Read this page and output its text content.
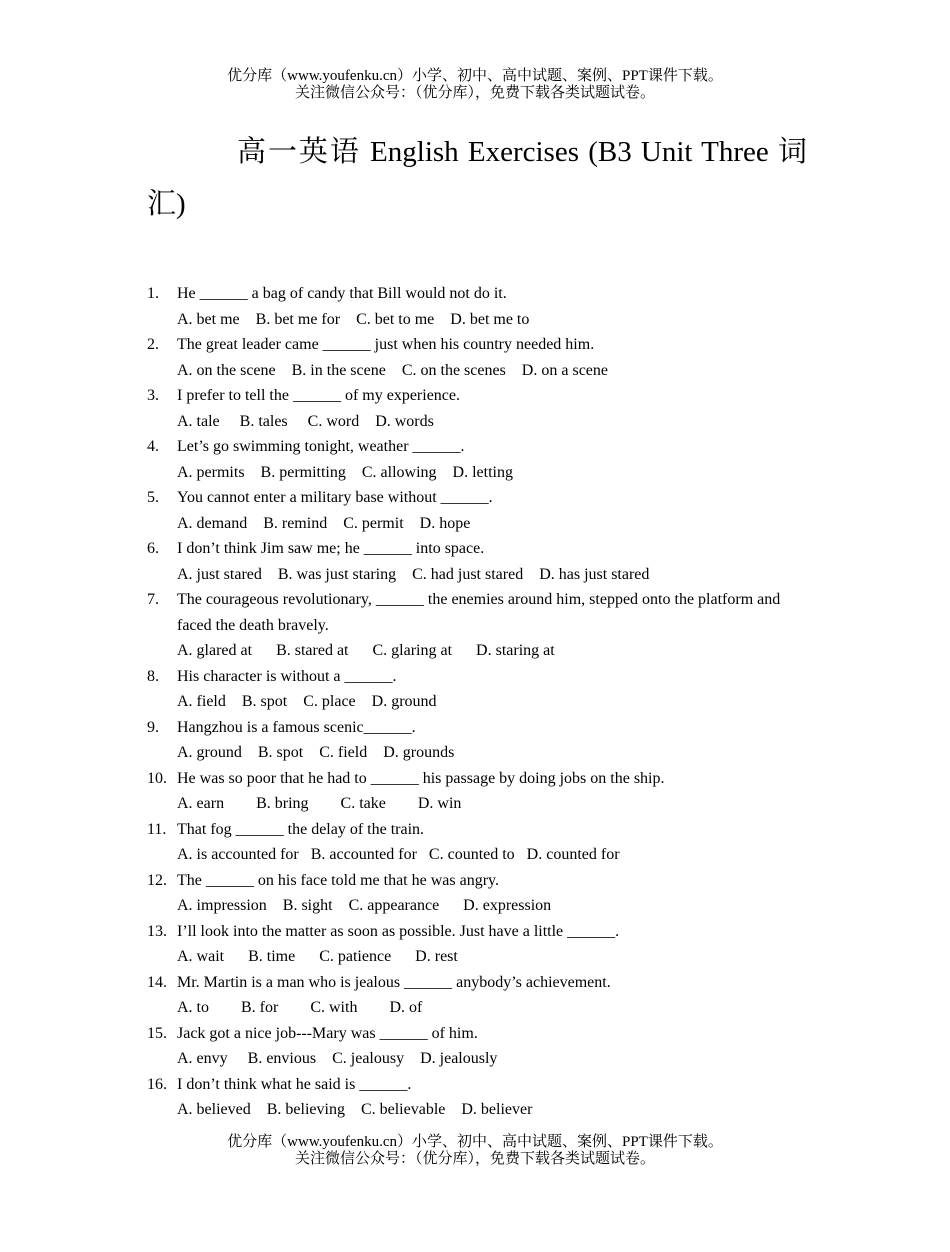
优分库（www.youfenku.cn）小学、初中、高中试题、案例、PPT课件下载。
关注微信公众号：（优分库），免费下载各类试题试卷。
高一英语 English Exercises (B3 Unit Three 词
汇)
1. He ______ a bag of candy that Bill would not do it.
A. bet me    B. bet me for    C. bet to me    D. bet me to
2. The great leader came ______ just when his country needed him.
A. on the scene    B. in the scene    C. on the scenes    D. on a scene
3. I prefer to tell the ______ of my experience.
A. tale     B. tales     C. word    D. words
4. Let’s go swimming tonight, weather ______.
A. permits    B. permitting    C. allowing    D. letting
5. You cannot enter a military base without ______.
A. demand    B. remind    C. permit    D. hope
6. I don’t think Jim saw me; he ______ into space.
A. just stared    B. was just staring    C. had just stared    D. has just stared
7. The courageous revolutionary, ______ the enemies around him, stepped onto the platform and faced the death bravely.
A. glared at      B. stared at      C. glaring at      D. staring at
8. His character is without a ______.
A. field    B. spot    C. place    D. ground
9. Hangzhou is a famous scenic______.
A. ground    B. spot    C. field    D. grounds
10. He was so poor that he had to ______ his passage by doing jobs on the ship.
A. earn        B. bring        C. take        D. win
11. That fog ______ the delay of the train.
A. is accounted for   B. accounted for   C. counted to   D. counted for
12. The ______ on his face told me that he was angry.
A. impression    B. sight    C. appearance      D. expression
13. I’ll look into the matter as soon as possible. Just have a little ______.
A. wait      B. time      C. patience      D. rest
14. Mr. Martin is a man who is jealous ______ anybody’s achievement.
A. to        B. for        C. with        D. of
15. Jack got a nice job---Mary was ______ of him.
A. envy     B. envious    C. jealousy    D. jealously
16. I don’t think what he said is ______.
A. believed    B. believing    C. believable    D. believer
优分库（www.youfenku.cn）小学、初中、高中试题、案例、PPT课件下载。
关注微信公众号：（优分库），免费下载各类试题试卷。
